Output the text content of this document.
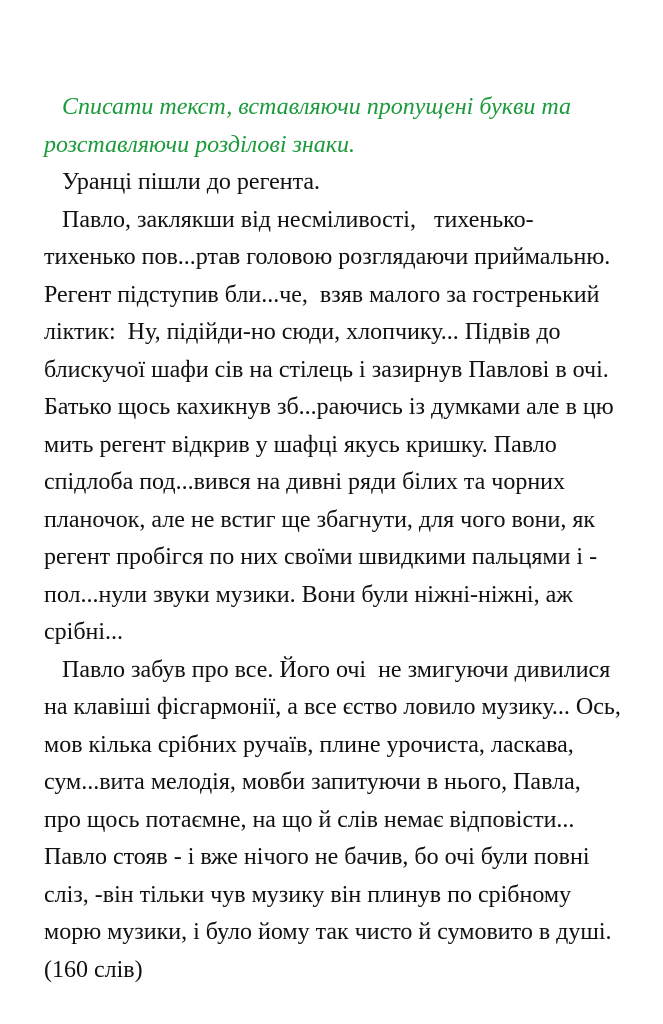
Списати текст, вставляючи пропущені букви та
розставляючи розділові знаки.
Уранці пішли до регента.
Павло, заклякши від несміливості,   тихенько-
тихенько пов...ртав головою розглядаючи приймальню.
Регент підступив бли...че,  взяв малого за гостренький
ліктик:  Ну, підійди-но сюди, хлопчику... Підвів до
блискучої шафи сів на стілець і зазирнув Павлові в очі.
Батько щось кахикнув зб...раючись із думками але в цю
мить регент відкрив у шафці якусь кришку. Павло
спідлоба под...вився на дивні ряди білих та чорних
планочок, але не встиг ще збагнути, для чого вони, як
регент пробігся по них своїми швидкими пальцями і -
пол...нули звуки музики. Вони були ніжні-ніжні, аж
срібні...
Павло забув про все. Його очі  не змигуючи дивилися
на клавіші фісгармонії, а все єство ловило музику... Ось,
мов кілька срібних ручаїв, плине урочиста, ласкава,
сум...вита мелодія, мовби запитуючи в нього, Павла,
про щось потаємне, на що й слів немає відповісти...
Павло стояв - і вже нічого не бачив, бо очі були повні
сліз, -він тільки чув музику він плинув по срібному
морю музики, і було йому так чисто й сумовито в душі.
(160 слів)
